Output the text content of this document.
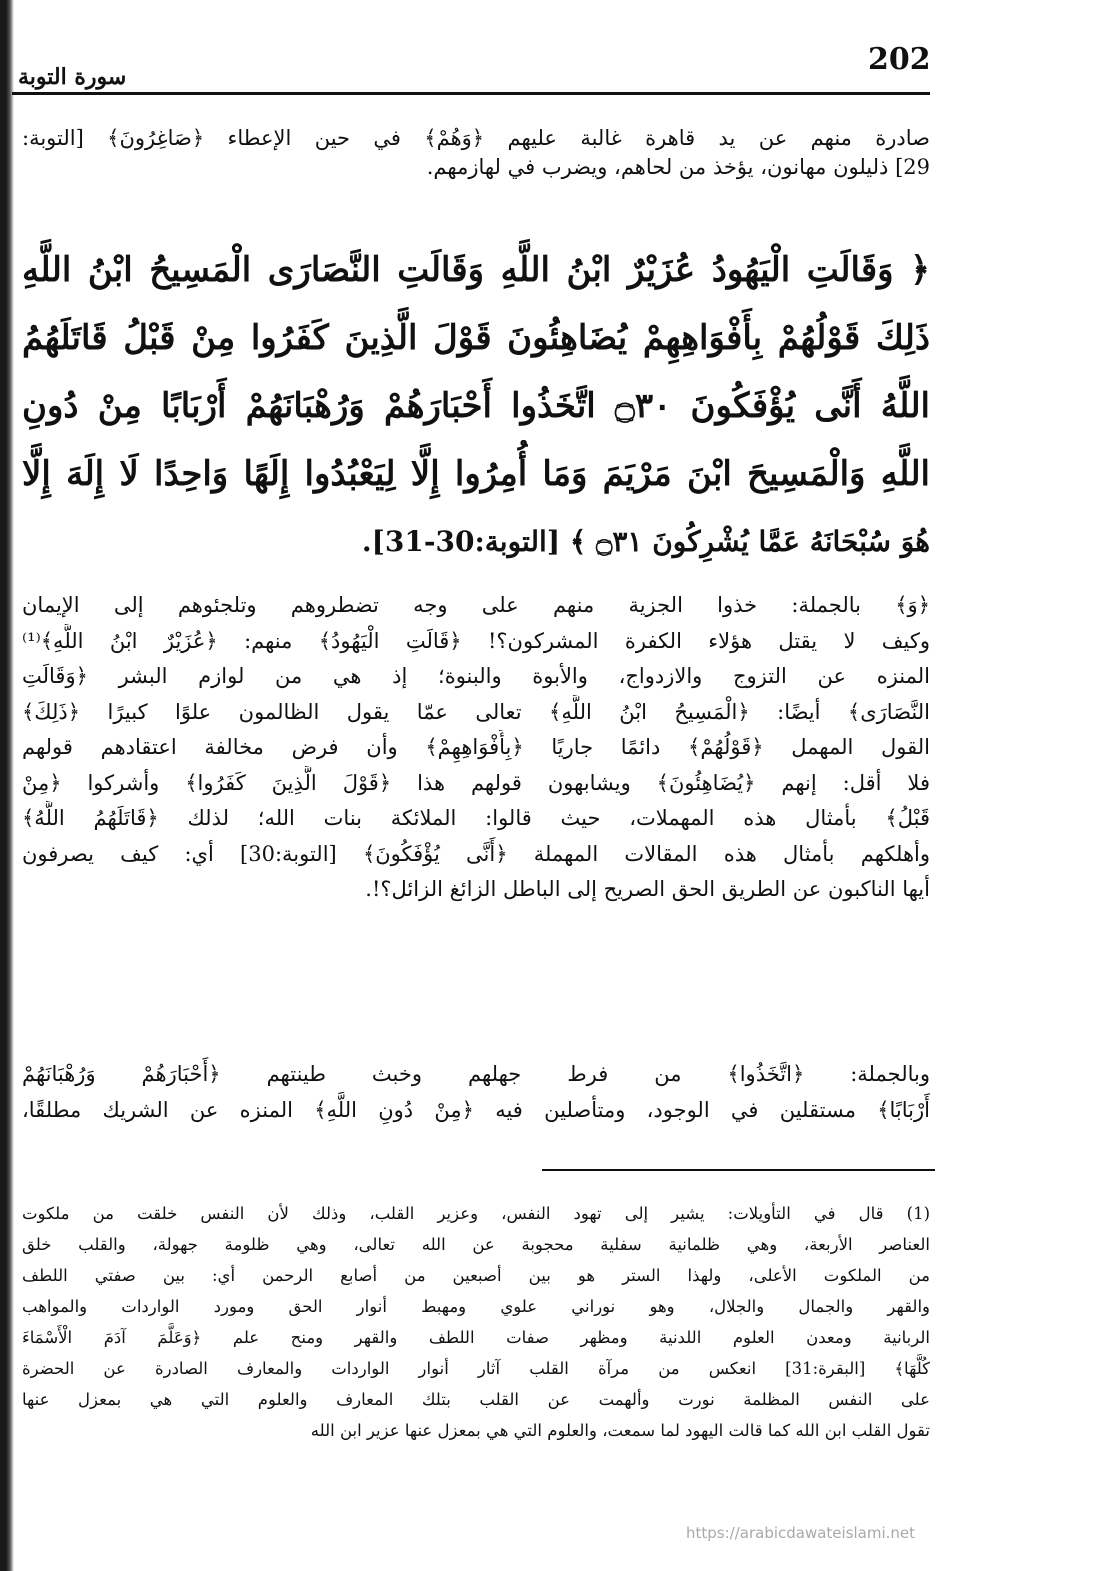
202
سورة التوبة
صادرة منهم عن يد قاهرة غالبة عليهم ﴿وَهُمْ﴾ في حين الإعطاء ﴿صَاغِرُونَ﴾ [التوبة:
29] ذليلون مهانون، يؤخذ من لحاهم، ويضرب في لهازمهم.
﴿ وَقَالَتِ الْيَهُودُ عُزَيْرٌ ابْنُ اللَّهِ وَقَالَتِ النَّصَارَى الْمَسِيحُ ابْنُ اللَّهِ
ذَلِكَ قَوْلُهُمْ بِأَفْوَاهِهِمْ يُضَاهِئُونَ قَوْلَ الَّذِينَ كَفَرُوا مِنْ قَبْلُ قَاتَلَهُمُ
اللَّهُ أَنَّى يُؤْفَكُونَ ۝٣٠ اتَّخَذُوا أَحْبَارَهُمْ وَرُهْبَانَهُمْ أَرْبَابًا مِنْ دُونِ
اللَّهِ وَالْمَسِيحَ ابْنَ مَرْيَمَ وَمَا أُمِرُوا إِلَّا لِيَعْبُدُوا إِلَهًا وَاحِدًا لَا إِلَهَ إِلَّا
هُوَ سُبْحَانَهُ عَمَّا يُشْرِكُونَ ۝٣١ ﴾ [التوبة:30-31].
﴿وَ﴾ بالجملة: خذوا الجزية منهم على وجه تضطروهم وتلجئوهم إلى الإيمان
وكيف لا يقتل هؤلاء الكفرة المشركون؟! ﴿قَالَتِ الْيَهُودُ﴾ منهم: ﴿عُزَيْرٌ ابْنُ اللَّهِ﴾⁽¹⁾
المنزه عن التزوج والازدواج، والأبوة والبنوة؛ إذ هي من لوازم البشر ﴿وَقَالَتِ
النَّصَارَى﴾ أيضًا: ﴿الْمَسِيحُ ابْنُ اللَّهِ﴾ تعالى عمّا يقول الظالمون علوًا كبيرًا ﴿ذَلِكَ﴾
القول المهمل ﴿قَوْلُهُمْ﴾ دائمًا جاريًا ﴿بِأَفْوَاهِهِمْ﴾ وأن فرض مخالفة اعتقادهم قولهم
فلا أقل: إنهم ﴿يُضَاهِئُونَ﴾ ويشابهون قولهم هذا ﴿قَوْلَ الَّذِينَ كَفَرُوا﴾ وأشركوا ﴿مِنْ
قَبْلُ﴾ بأمثال هذه المهملات، حيث قالوا: الملائكة بنات الله؛ لذلك ﴿قَاتَلَهُمُ اللَّهُ﴾
وأهلكهم بأمثال هذه المقالات المهملة ﴿أَنَّى يُؤْفَكُونَ﴾ [التوبة:30] أي: كيف يصرفون
أيها الناكبون عن الطريق الحق الصريح إلى الباطل الزائغ الزائل؟!.
وبالجملة: ﴿اتَّخَذُوا﴾ من فرط جهلهم وخبث طينتهم ﴿أَحْبَارَهُمْ وَرُهْبَانَهُمْ
أَرْبَابًا﴾ مستقلين في الوجود، ومتأصلين فيه ﴿مِنْ دُونِ اللَّهِ﴾ المنزه عن الشريك مطلقًا،
(1) قال في التأويلات: يشير إلى تهود النفس، وعزير القلب، وذلك لأن النفس خلقت من ملكوت
العناصر الأربعة، وهي ظلمانية سفلية محجوبة عن الله تعالى، وهي ظلومة جهولة، والقلب خلق
من الملكوت الأعلى، ولهذا الستر هو بين أصبعين من أصابع الرحمن أي: بين صفتي اللطف
والقهر والجمال والجلال، وهو نوراني علوي ومهبط أنوار الحق ومورد الواردات والمواهب
الربانية ومعدن العلوم اللدنية ومظهر صفات اللطف والقهر ومنح علم ﴿وَعَلَّمَ آدَمَ الْأَسْمَاءَ
كُلَّهَا﴾ [البقرة:31] انعكس من مرآة القلب آثار أنوار الواردات والمعارف الصادرة عن الحضرة
على النفس المظلمة نورت وألهمت عن القلب بتلك المعارف والعلوم التي هي بمعزل عنها
تقول القلب ابن الله كما قالت اليهود لما سمعت، والعلوم التي هي بمعزل عنها عزير ابن الله
https://arabicdawateislami.net
